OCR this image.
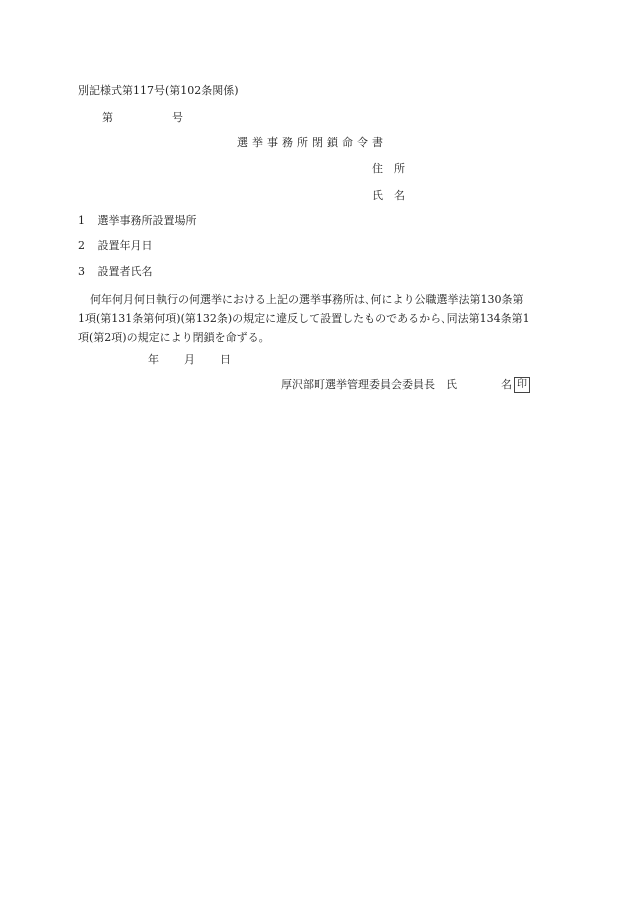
別記様式第117号(第102条関係)
第	号
選挙事務所閉鎖命令書
住　所
氏　名
1 選挙事務所設置場所
2 設置年月日
3 設置者氏名
何年何月何日執行の何選挙における上記の選挙事務所は､何により公職選挙法第130条第
1項(第131条第何項)(第132条)の規定に違反して設置したものであるから､同法第134条第1
項(第2項)の規定により閉鎖を命ずる。
年 月 日
厚沢部町選挙管理委員会委員長　氏	名 印
